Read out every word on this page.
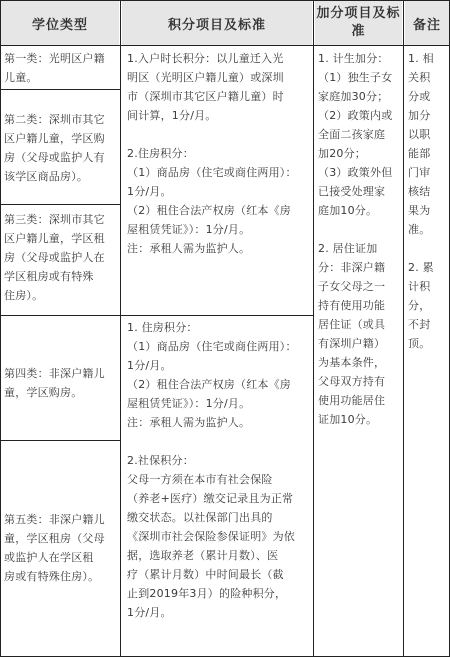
学位类型	积分项目及标准
加分项目及标
准	备注
第一类：光明区户籍
儿童。
第二类：深圳市其它
区户籍儿童，学区购
房（父母或监护人有
该学区商品房）。
第三类：深圳市其它
区户籍儿童，学区租
房（父母或监护人在
学区租房或有特殊
住房）。
第四类：非深户籍儿
童，学区购房。
第五类：非深户籍儿
童，学区租房（父母
或监护人在学区租
房或有特殊住房）。
1.入户时长积分：以儿童迁入光
明区（光明区户籍儿童）或深圳
市（深圳市其它区户籍儿童）时
间计算，1分/月。

2.住房积分：
（1）商品房（住宅或商住两用）：
1分/月。
（2）租住合法产权房（红本《房
屋租赁凭证》）：1分/月。
注：承租人需为监护人。
1. 住房积分：
（1）商品房（住宅或商住两用）：
1分/月。
（2）租住合法产权房（红本《房
屋租赁凭证》）：1分/月。
注：承租人需为监护人。

2.社保积分：
父母一方须在本市有社会保险
（养老+医疗）缴交记录且为正常
缴交状态。以社保部门出具的
《深圳市社会保险参保证明》为依
据，选取养老（累计月数）、医
疗（累计月数）中时间最长（截
止到2019年3月）的险种积分，
1分/月。
1. 计生加分：
（1）独生子女
家庭加30分；
（2）政策内或
全面二孩家庭
加20分；
（3）政策外但
已接受处理家
庭加10分。

2. 居住证加
分：非深户籍
子女父母之一
持有使用功能
居住证（或具
有深圳户籍）
为基本条件，
父母双方持有
使用功能居住
证加10分。
1. 相
关积
分或
加分
以职
能部
门审
核结
果为
准。

2. 累
计积
分，
不封
顶。
